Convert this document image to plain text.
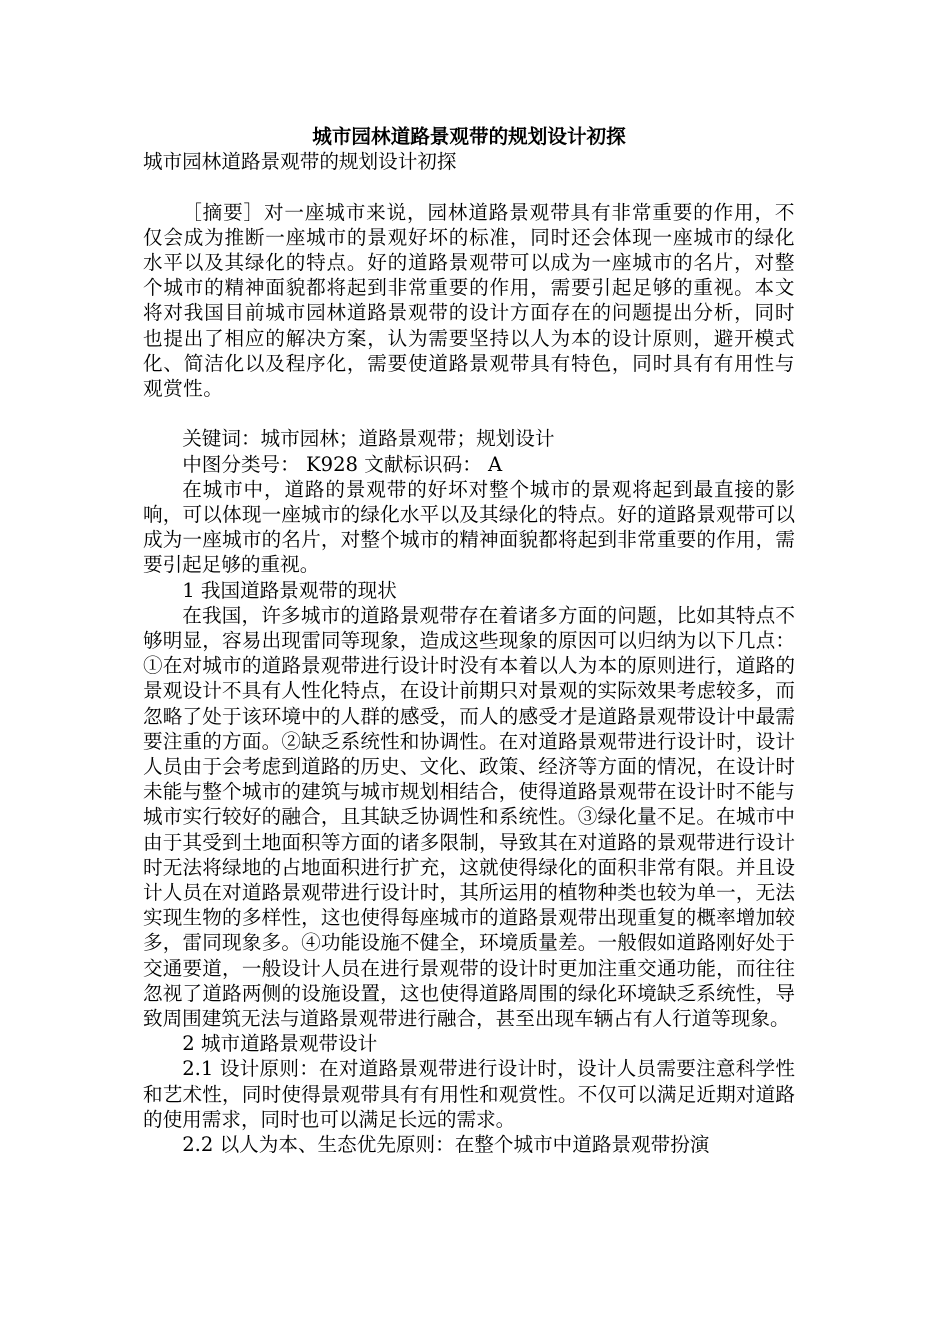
城市园林道路景观带的规划设计初探

城市园林道路景观带的规划设计初探

［摘要］对一座城市来说，园林道路景观带具有非常重要的作用，不仅会成为推断一座城市的景观好坏的标准，同时还会体现一座城市的绿化水平以及其绿化的特点。好的道路景观带可以成为一座城市的名片，对整个城市的精神面貌都将起到非常重要的作用，需要引起足够的重视。本文将对我国目前城市园林道路景观带的设计方面存在的问题提出分析，同时也提出了相应的解决方案，认为需要坚持以人为本的设计原则，避开模式化、简洁化以及程序化，需要使道路景观带具有特色，同时具有有用性与观赏性。

关键词：城市园林；道路景观带；规划设计

中图分类号： K928 文献标识码： A

在城市中，道路的景观带的好坏对整个城市的景观将起到最直接的影响，可以体现一座城市的绿化水平以及其绿化的特点。好的道路景观带可以成为一座城市的名片，对整个城市的精神面貌都将起到非常重要的作用，需要引起足够的重视。

1 我国道路景观带的现状

在我国，许多城市的道路景观带存在着诸多方面的问题，比如其特点不够明显，容易出现雷同等现象，造成这些现象的原因可以归纳为以下几点：①在对城市的道路景观带进行设计时没有本着以人为本的原则进行，道路的景观设计不具有人性化特点，在设计前期只对景观的实际效果考虑较多，而忽略了处于该环境中的人群的感受，而人的感受才是道路景观带设计中最需要注重的方面。②缺乏系统性和协调性。在对道路景观带进行设计时，设计人员由于会考虑到道路的历史、文化、政策、经济等方面的情况，在设计时未能与整个城市的建筑与城市规划相结合，使得道路景观带在设计时不能与城市实行较好的融合，且其缺乏协调性和系统性。③绿化量不足。在城市中由于其受到土地面积等方面的诸多限制，导致其在对道路的景观带进行设计时无法将绿地的占地面积进行扩充，这就使得绿化的面积非常有限。并且设计人员在对道路景观带进行设计时，其所运用的植物种类也较为单一，无法实现生物的多样性，这也使得每座城市的道路景观带出现重复的概率增加较多，雷同现象多。④功能设施不健全，环境质量差。一般假如道路刚好处于交通要道，一般设计人员在进行景观带的设计时更加注重交通功能，而往往忽视了道路两侧的设施设置，这也使得道路周围的绿化环境缺乏系统性，导致周围建筑无法与道路景观带进行融合，甚至出现车辆占有人行道等现象。

2 城市道路景观带设计

2.1 设计原则：在对道路景观带进行设计时，设计人员需要注意科学性和艺术性，同时使得景观带具有有用性和观赏性。不仅可以满足近期对道路的使用需求，同时也可以满足长远的需求。

2.2 以人为本、生态优先原则：在整个城市中道路景观带扮演
